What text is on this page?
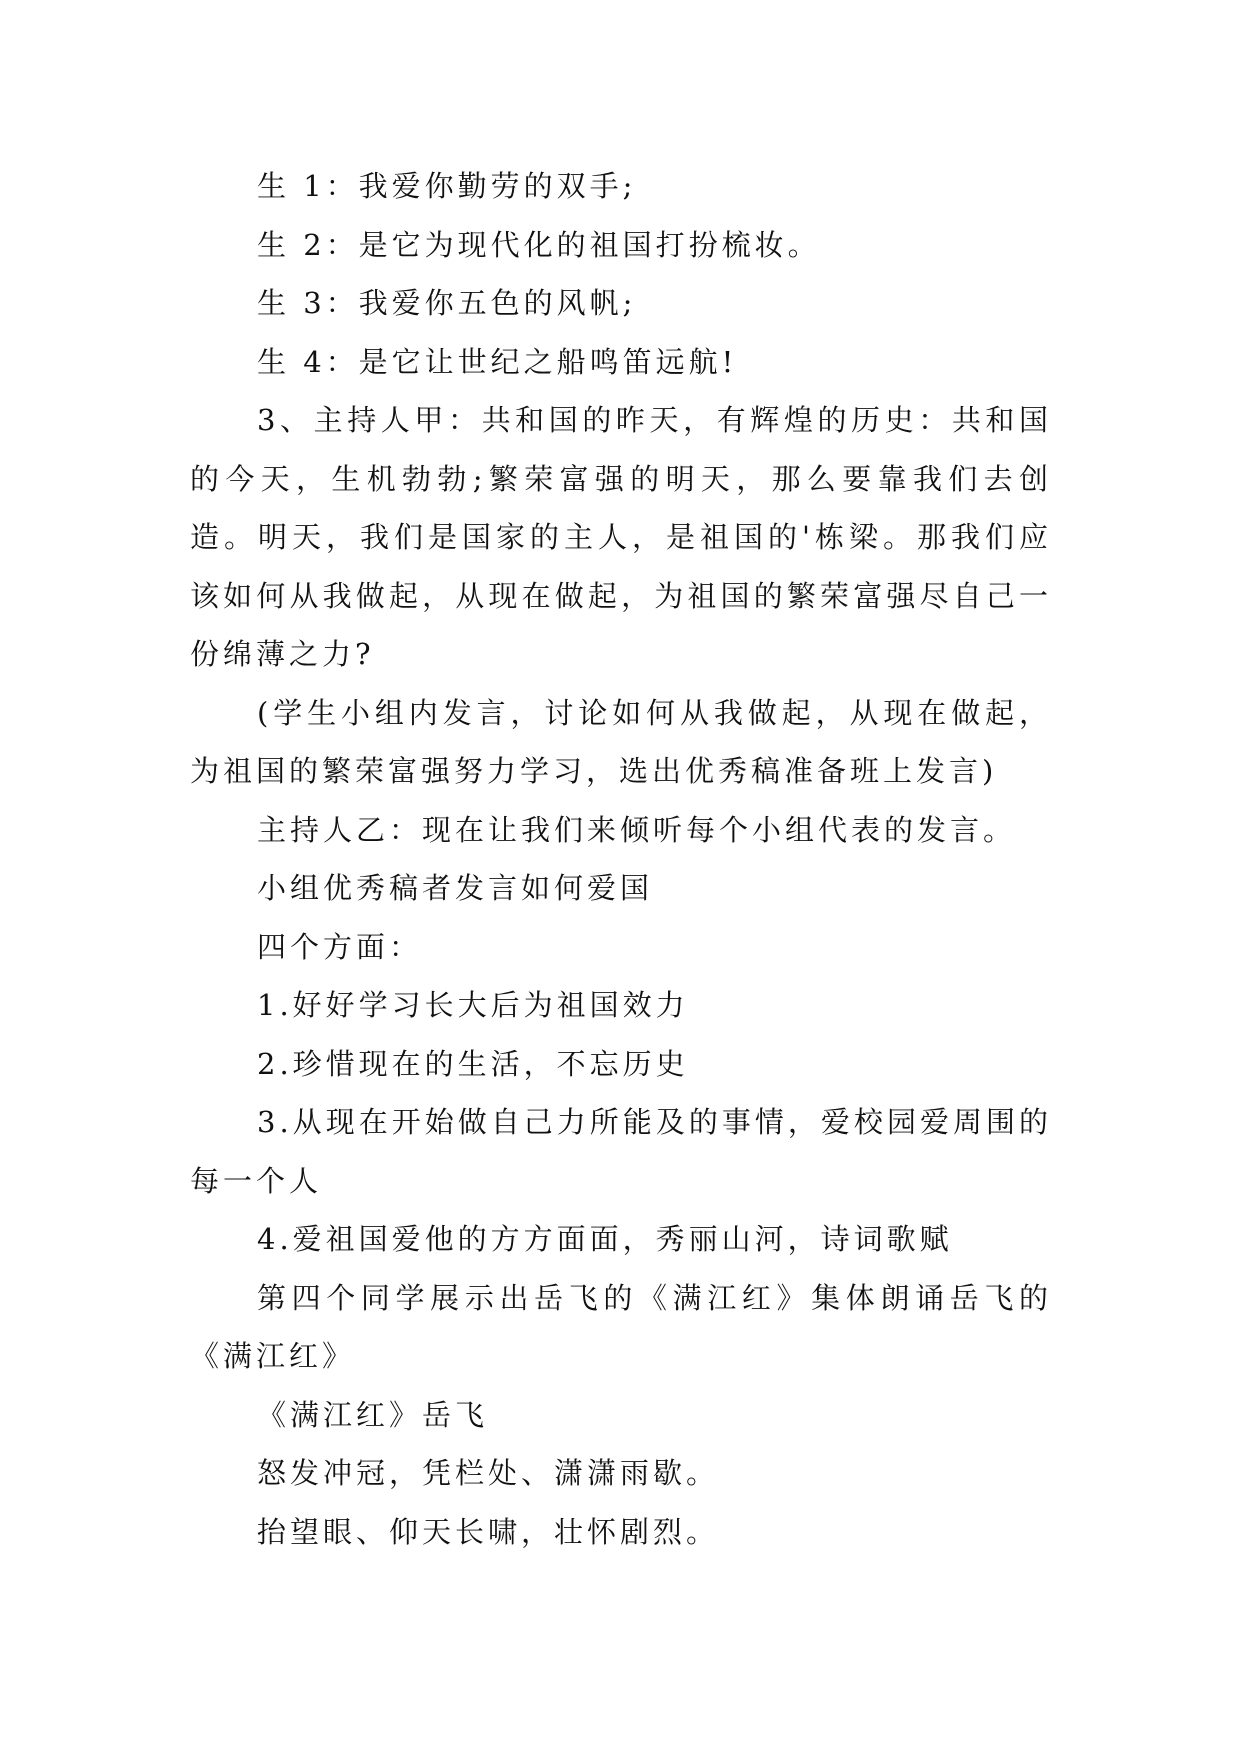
生 1：我爱你勤劳的双手;

生 2：是它为现代化的祖国打扮梳妆。

生 3：我爱你五色的风帆;

生 4：是它让世纪之船鸣笛远航!

3、主持人甲：共和国的昨天，有辉煌的历史：共和国的今天，生机勃勃;繁荣富强的明天，那么要靠我们去创造。明天，我们是国家的主人，是祖国的'栋梁。那我们应该如何从我做起，从现在做起，为祖国的繁荣富强尽自己一份绵薄之力?

(学生小组内发言，讨论如何从我做起，从现在做起，为祖国的繁荣富强努力学习，选出优秀稿准备班上发言)

主持人乙：现在让我们来倾听每个小组代表的发言。

小组优秀稿者发言如何爱国

四个方面：

1.好好学习长大后为祖国效力

2.珍惜现在的生活，不忘历史

3.从现在开始做自己力所能及的事情，爱校园爱周围的每一个人

4.爱祖国爱他的方方面面，秀丽山河，诗词歌赋

第四个同学展示出岳飞的《满江红》集体朗诵岳飞的《满江红》

《满江红》岳飞

怒发冲冠，凭栏处、潇潇雨歇。

抬望眼、仰天长啸，壮怀剧烈。
